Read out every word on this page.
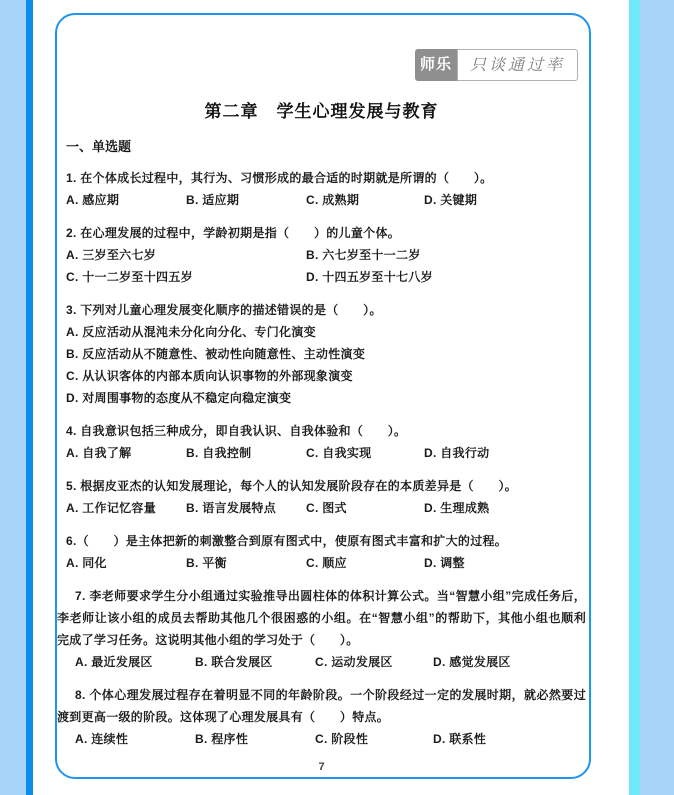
师乐	只谈通过率
第二章　学生心理发展与教育
一、单选题

1. 在个体成长过程中，其行为、习惯形成的最合适的时期就是所谓的（　　）。

A. 感应期	B. 适应期	C. 成熟期	D. 关键期

2. 在心理发展的过程中，学龄初期是指（　　）的儿童个体。

A. 三岁至六七岁	B. 六七岁至十一二岁
C. 十一二岁至十四五岁	D. 十四五岁至十七八岁

3. 下列对儿童心理发展变化顺序的描述错误的是（　　）。

A. 反应活动从混沌未分化向分化、专门化演变
B. 反应活动从不随意性、被动性向随意性、主动性演变
C. 从认识客体的内部本质向认识事物的外部现象演变
D. 对周围事物的态度从不稳定向稳定演变

4. 自我意识包括三种成分，即自我认识、自我体验和（　　）。

A. 自我了解	B. 自我控制	C. 自我实现	D. 自我行动

5. 根据皮亚杰的认知发展理论，每个人的认知发展阶段存在的本质差异是（　　）。

A. 工作记忆容量	B. 语言发展特点	C. 图式	D. 生理成熟

6.（　　）是主体把新的刺激整合到原有图式中，使原有图式丰富和扩大的过程。

A. 同化	B. 平衡	C. 顺应	D. 调整

7. 李老师要求学生分小组通过实验推导出圆柱体的体积计算公式。当“智慧小组”完成任务后，李老师让该小组的成员去帮助其他几个很困惑的小组。在“智慧小组”的帮助下，其他小组也顺利完成了学习任务。这说明其他小组的学习处于（　　）。

A. 最近发展区	B. 联合发展区	C. 运动发展区	D. 感觉发展区

8. 个体心理发展过程存在着明显不同的年龄阶段。一个阶段经过一定的发展时期，就必然要过渡到更高一级的阶段。这体现了心理发展具有（　　）特点。

A. 连续性	B. 程序性	C. 阶段性	D. 联系性
7
